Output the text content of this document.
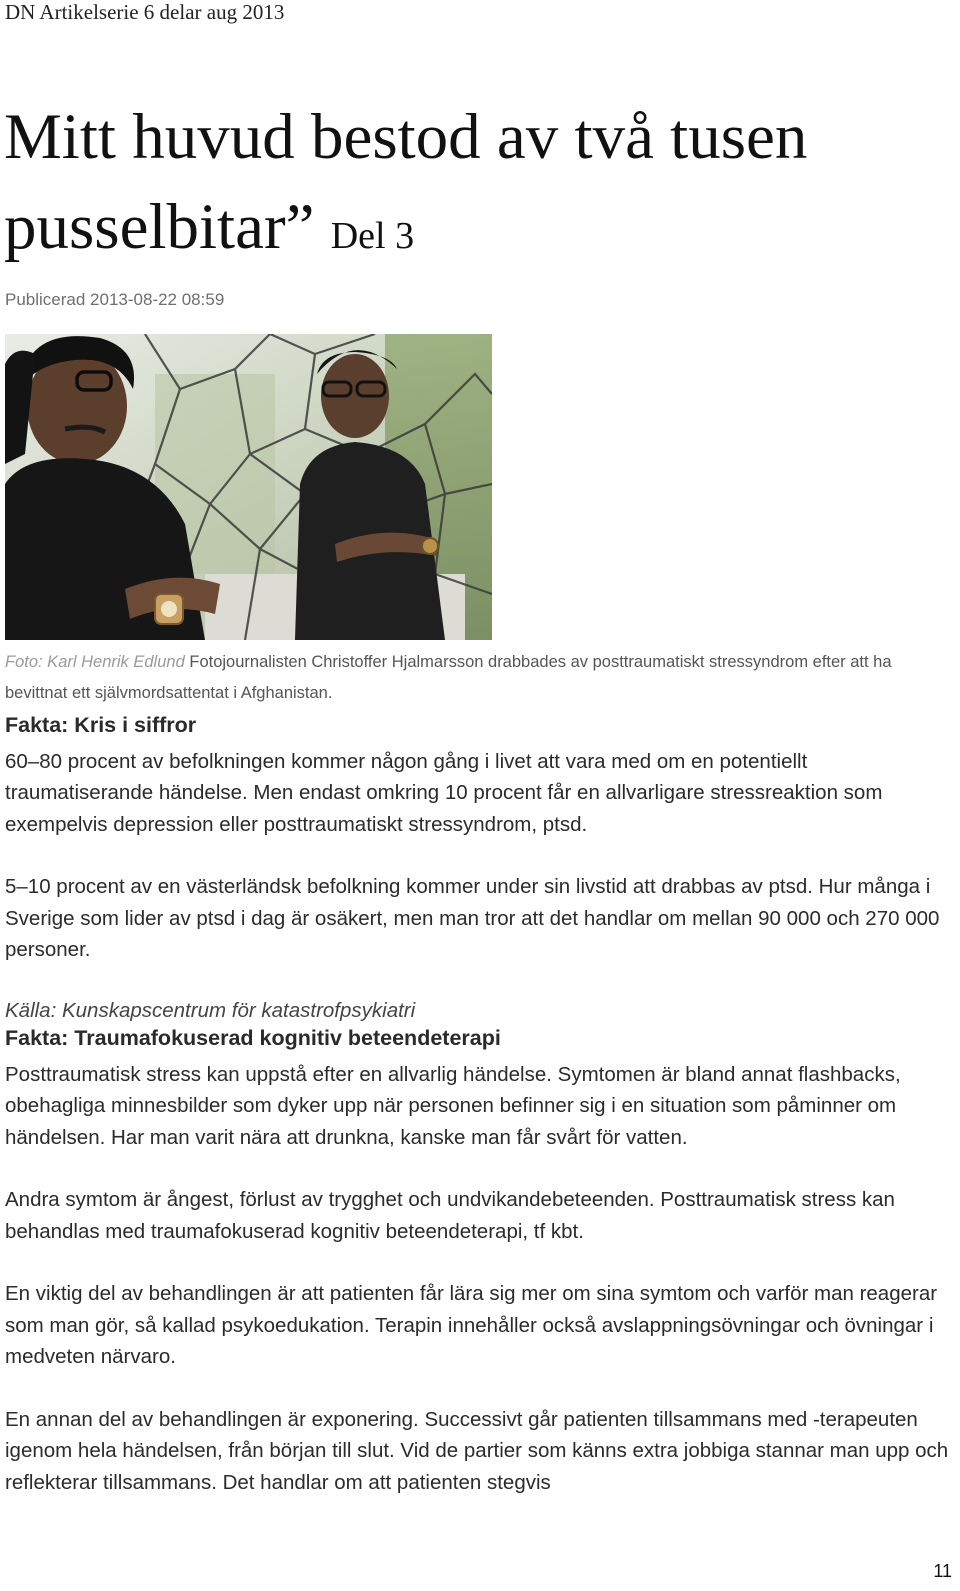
DN Artikelserie 6 delar aug 2013
Mitt huvud bestod av två tusen pusselbitar” Del 3
Publicerad 2013-08-22 08:59
Foto: Karl Henrik Edlund Fotojournalisten Christoffer Hjalmarsson drabbades av posttraumatiskt stressyndrom efter att ha bevittnat ett självmordsattentat i Afghanistan.
Fakta: Kris i siffror

60–80 procent av befolkningen kommer någon gång i livet att vara med om en potentiellt traumatiserande händelse. Men endast omkring 10 procent får en allvarligare stressreaktion som exempelvis depression eller posttraumatiskt stressyndrom, ptsd.

5–10 procent av en västerländsk befolkning kommer under sin livstid att drabbas av ptsd. Hur många i Sverige som lider av ptsd i dag är osäkert, men man tror att det handlar om mellan 90 000 och 270 000 personer.

Källa: Kunskapscentrum för katastrofpsykiatri

Fakta: Traumafokuserad kognitiv beteendeterapi

Posttraumatisk stress kan uppstå efter en allvarlig händelse. Symtomen är bland annat flashbacks, obehagliga minnesbilder som dyker upp när personen befinner sig i en situation som påminner om händelsen. Har man varit nära att drunkna, kanske man får svårt för vatten.

Andra symtom är ångest, förlust av trygghet och undvikandebeteenden. Posttraumatisk stress kan behandlas med traumafokuserad kognitiv beteendeterapi, tf kbt.

En viktig del av behandlingen är att patienten får lära sig mer om sina symtom och varför man reagerar som man gör, så kallad psykoedukation. Terapin innehåller också avslappningsövningar och övningar i medveten närvaro.

En annan del av behandlingen är exponering. Successivt går patienten tillsammans med -terapeuten igenom hela händelsen, från början till slut. Vid de partier som känns extra jobbiga stannar man upp och reflekterar tillsammans. Det handlar om att patienten stegvis

11
